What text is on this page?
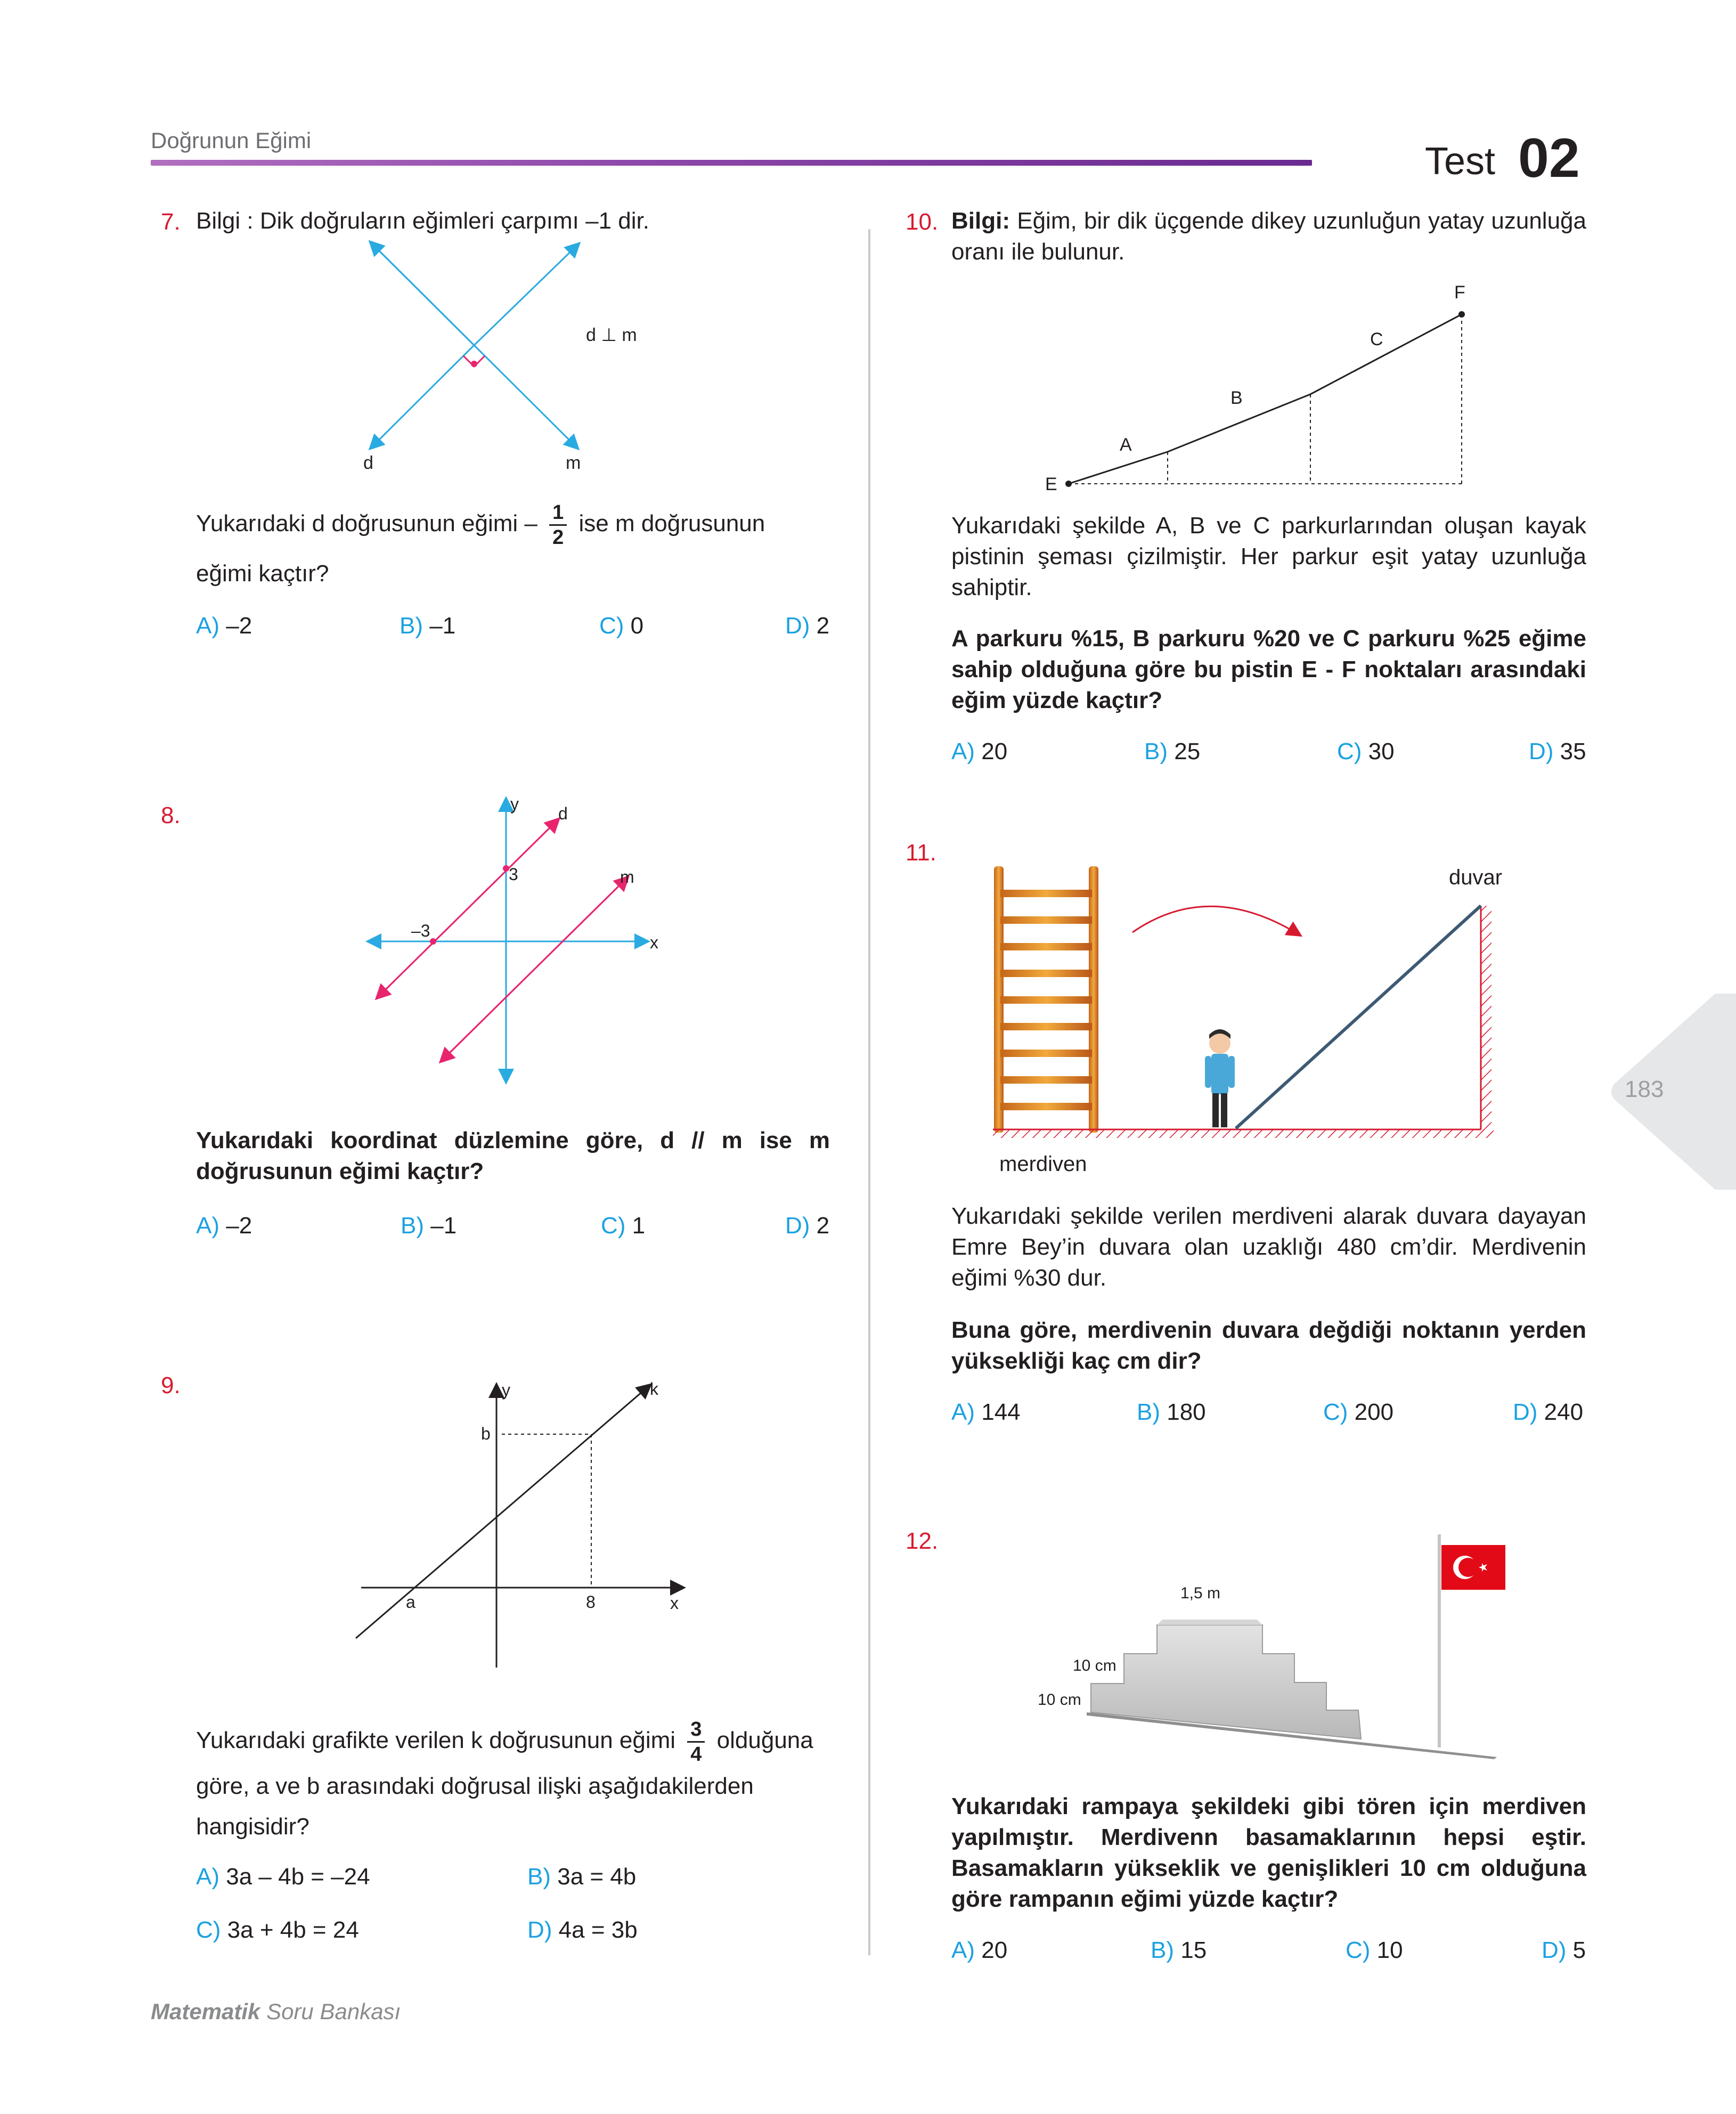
Doğrunun Eğimi	Test 02
7. Bilgi : Dik doğruların eğimleri çarpımı –1 dir.
d ⊥ m
d	m
Yukarıdaki d doğrusunun eğimi – $\frac{1}{2}$ ise m doğrusunun
eğimi kaçtır?
A) –2	B) –1	C) 0	D) 2
8.	y
x
d
m
3
–3
Yukarıdaki koordinat düzlemine göre, d // m ise m doğrusunun eğimi kaçtır?
A) –2	B) –1	C) 1	D) 2
9.	y
x
k
b
a	8
Yukarıdaki grafikte verilen k doğrusunun eğimi $\frac{3}{4}$ olduğuna göre, a ve b arasındaki doğrusal ilişki aşağıdakilerden hangisidir?
A) 3a – 4b = –24	B) 3a = 4b
C) 3a + 4b = 24	D) 4a = 3b
10. Bilgi: Eğim, bir dik üçgende dikey uzunluğun yatay uzunluğa oranı ile bulunur.
E
F
A
B
C
Yukarıdaki şekilde A, B ve C parkurlarından oluşan kayak pistinin şeması çizilmiştir. Her parkur eşit yatay uzunluğa sahiptir.
A parkuru %15, B parkuru %20 ve C parkuru %25 eğime sahip olduğuna göre bu pistin E - F noktaları arasındaki eğim yüzde kaçtır?
A) 20	B) 25	C) 30	D) 35
11.
duvar
merdiven
Yukarıdaki şekilde verilen merdiveni alarak duvara dayayan Emre Bey’in duvara olan uzaklığı 480 cm’dir. Merdivenin eğimi %30 dur.
Buna göre, merdivenin duvara değdiği noktanın yerden yüksekliği kaç cm dir?
A) 144	B) 180	C) 200	D) 240
12.
1,5 m
10 cm
10 cm
Yukarıdaki rampaya şekildeki gibi tören için merdiven yapılmıştır. Merdivenn basamaklarının hepsi eştir. Basamakların yükseklik ve genişlikleri 10 cm olduğuna göre rampanın eğimi yüzde kaçtır?
A) 20	B) 15	C) 10	D) 5
183
Matematik Soru Bankası
